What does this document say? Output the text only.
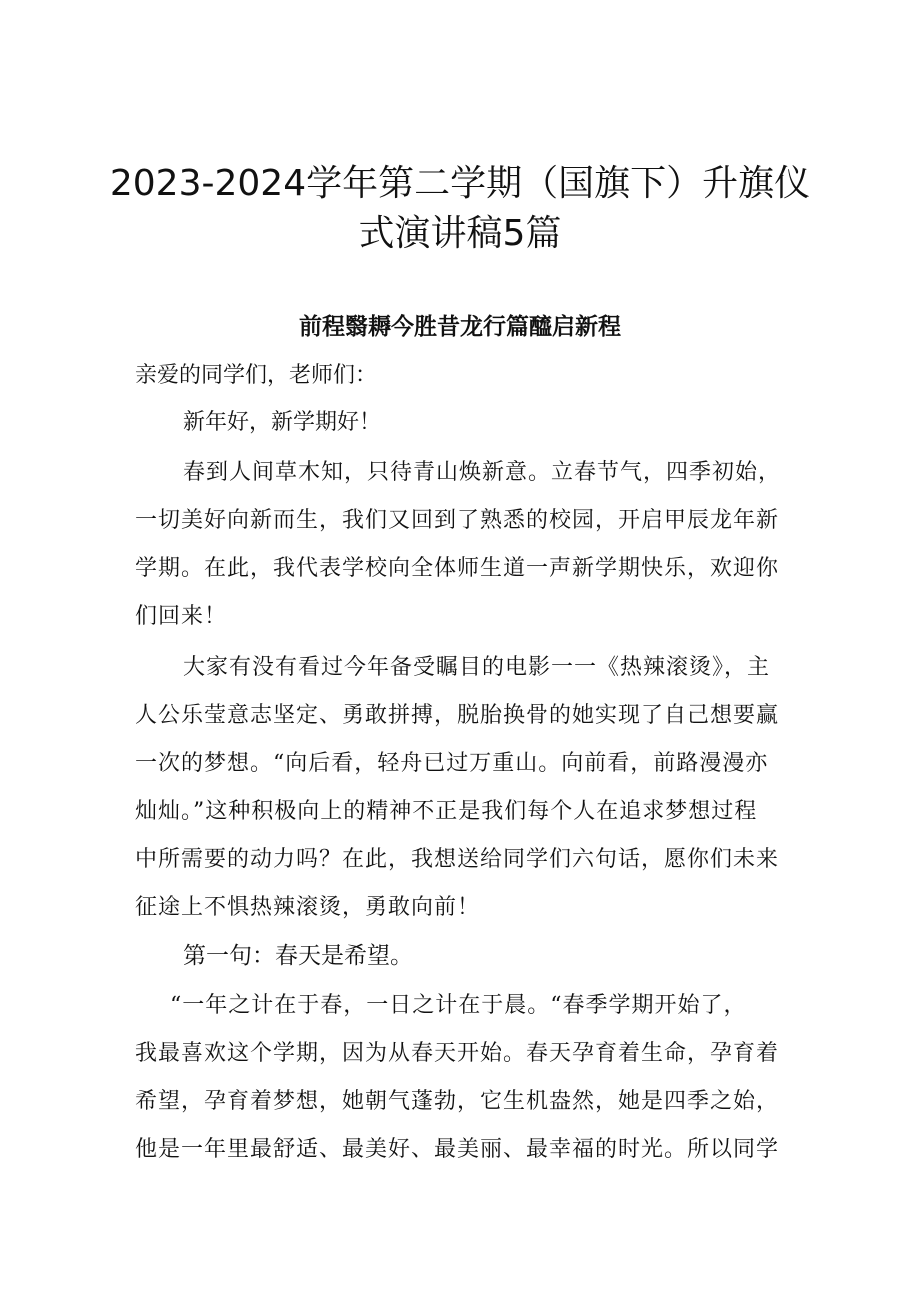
2023-2024学年第二学期（国旗下）升旗仪
式演讲稿5篇
前程翳耨今胜昔龙行篇醯启新程

亲爱的同学们，老师们：

新年好，新学期好！

春到人间草木知，只待青山焕新意。立春节气，四季初始，

一切美好向新而生，我们又回到了熟悉的校园，开启甲辰龙年新

学期。在此，我代表学校向全体师生道一声新学期快乐，欢迎你

们回来！

大家有没有看过今年备受瞩目的电影一一《热辣滚烫》，主

人公乐莹意志坚定、勇敢拼搏，脱胎换骨的她实现了自己想要赢

一次的梦想。“向后看，轻舟已过万重山。向前看，前路漫漫亦

灿灿。”这种积极向上的精神不正是我们每个人在追求梦想过程

中所需要的动力吗？在此，我想送给同学们六句话，愿你们未来

征途上不惧热辣滚烫，勇敢向前！

第一句：春天是希望。

“一年之计在于春，一日之计在于晨。“春季学期开始了，

我最喜欢这个学期，因为从春天开始。春天孕育着生命，孕育着

希望，孕育着梦想，她朝气蓬勃，它生机盎然，她是四季之始，

他是一年里最舒适、最美好、最美丽、最幸福的时光。所以同学
